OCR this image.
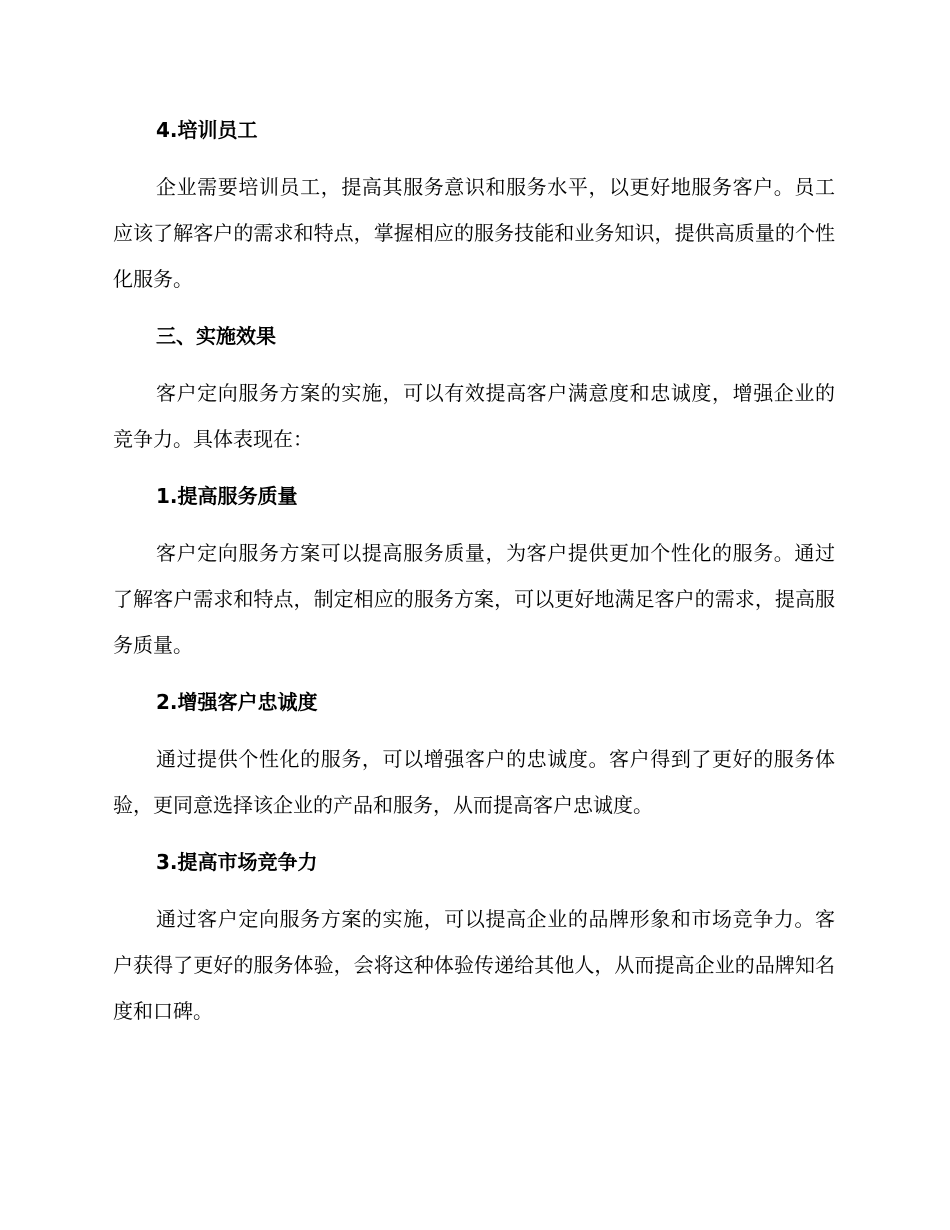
4.培训员工

企业需要培训员工，提高其服务意识和服务水平，以更好地服务客户。员工应该了解客户的需求和特点，掌握相应的服务技能和业务知识，提供高质量的个性化服务。

三、实施效果

客户定向服务方案的实施，可以有效提高客户满意度和忠诚度，增强企业的竞争力。具体表现在：

1.提高服务质量

客户定向服务方案可以提高服务质量，为客户提供更加个性化的服务。通过了解客户需求和特点，制定相应的服务方案，可以更好地满足客户的需求，提高服务质量。

2.增强客户忠诚度

通过提供个性化的服务，可以增强客户的忠诚度。客户得到了更好的服务体验，更同意选择该企业的产品和服务，从而提高客户忠诚度。

3.提高市场竞争力

通过客户定向服务方案的实施，可以提高企业的品牌形象和市场竞争力。客户获得了更好的服务体验，会将这种体验传递给其他人，从而提高企业的品牌知名度和口碑。
